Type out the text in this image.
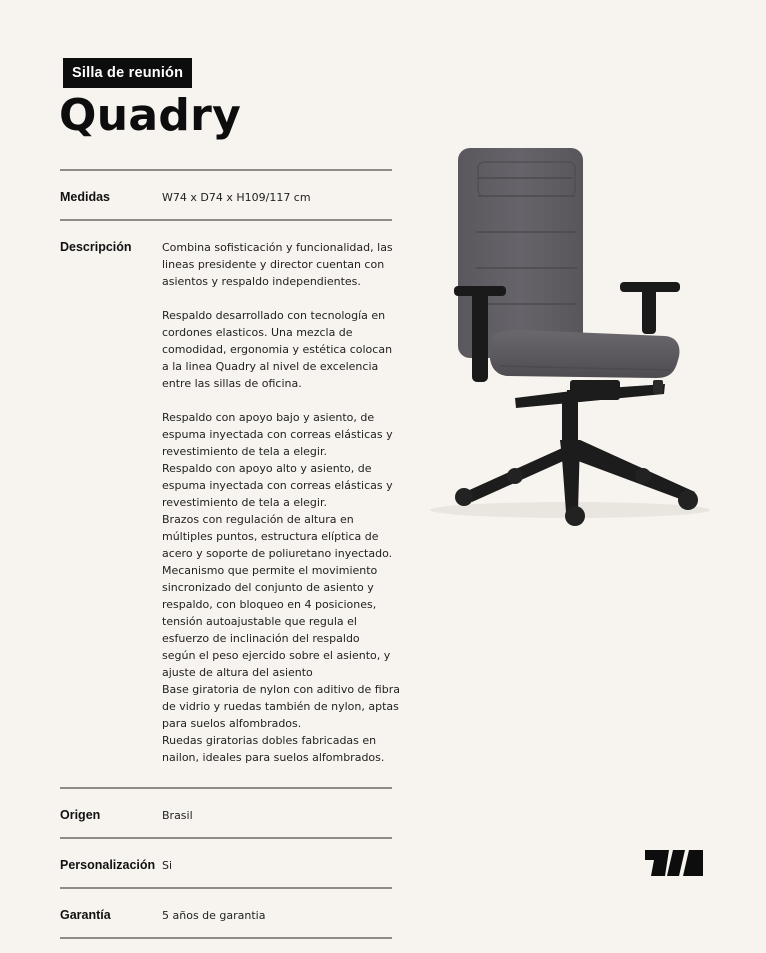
Silla de reunión
Quadry
Medidas	W74 x D74 x H109/117 cm
Descripción	Combina sofisticación y funcionalidad, las
lineas presidente y director cuentan con
asientos y respaldo independientes.
Respaldo desarrollado con tecnología en
cordones elasticos. Una mezcla de
comodidad, ergonomia y estética colocan
a la linea Quadry al nivel de excelencia
entre las sillas de oficina.
Respaldo con apoyo bajo y asiento, de
espuma inyectada con correas elásticas y
revestimiento de tela a elegir.
Respaldo con apoyo alto y asiento, de
espuma inyectada con correas elásticas y
revestimiento de tela a elegir.
Brazos con regulación de altura en
múltiples puntos, estructura elíptica de
acero y soporte de poliuretano inyectado.
Mecanismo que permite el movimiento
sincronizado del conjunto de asiento y
respaldo, con bloqueo en 4 posiciones,
tensión autoajustable que regula el
esfuerzo de inclinación del respaldo
según el peso ejercido sobre el asiento, y
ajuste de altura del asiento
Base giratoria de nylon con aditivo de fibra
de vidrio y ruedas también de nylon, aptas
para suelos alfombrados.
Ruedas giratorias dobles fabricadas en
nailon, ideales para suelos alfombrados.
Origen	Brasil
Personalización Si
Garantía	5 años de garantia
